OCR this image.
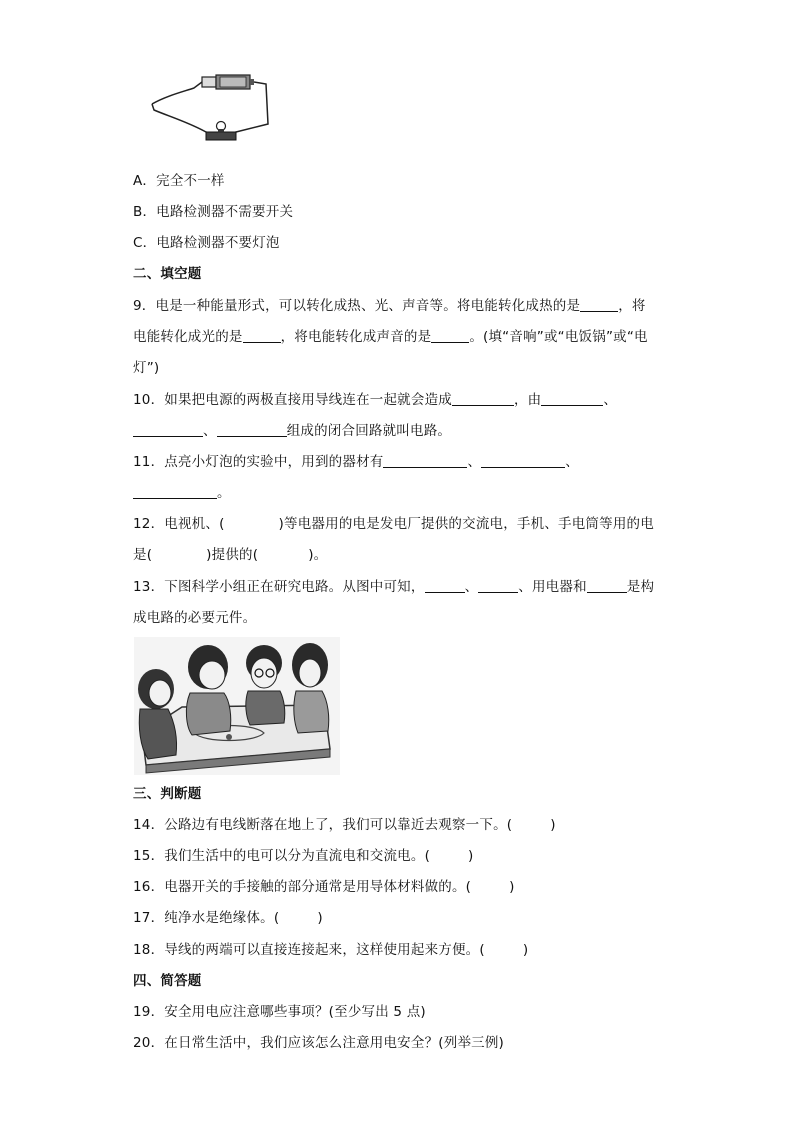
A．完全不一样
B．电路检测器不需要开关
C．电路检测器不要灯泡
二、填空题
9．电是一种能量形式，可以转化成热、光、声音等。将电能转化成热的是	，将
电能转化成光的是	，将电能转化成声音的是	。(填“音响”或“电饭锅”或“电
灯”)
10．如果把电源的两极直接用导线连在一起就会造成	，由	、
、	组成的闭合回路就叫电路。
11．点亮小灯泡的实验中，用到的器材有	、	、
。
12．电视机、(	)等电器用的电是发电厂提供的交流电，手机、手电筒等用的电
是(	)提供的(	)。
13．下图科学小组正在研究电路。从图中可知，	、	、用电器和	是构
成电路的必要元件。
三、判断题
14．公路边有电线断落在地上了，我们可以靠近去观察一下。(	)
15．我们生活中的电可以分为直流电和交流电。(	)
16．电器开关的手接触的部分通常是用导体材料做的。(	)
17．纯净水是绝缘体。(	)
18．导线的两端可以直接连接起来，这样使用起来方便。(	)
四、简答题
19．安全用电应注意哪些事项？(至少写出 5 点)
20．在日常生活中，我们应该怎么注意用电安全？(列举三例)
